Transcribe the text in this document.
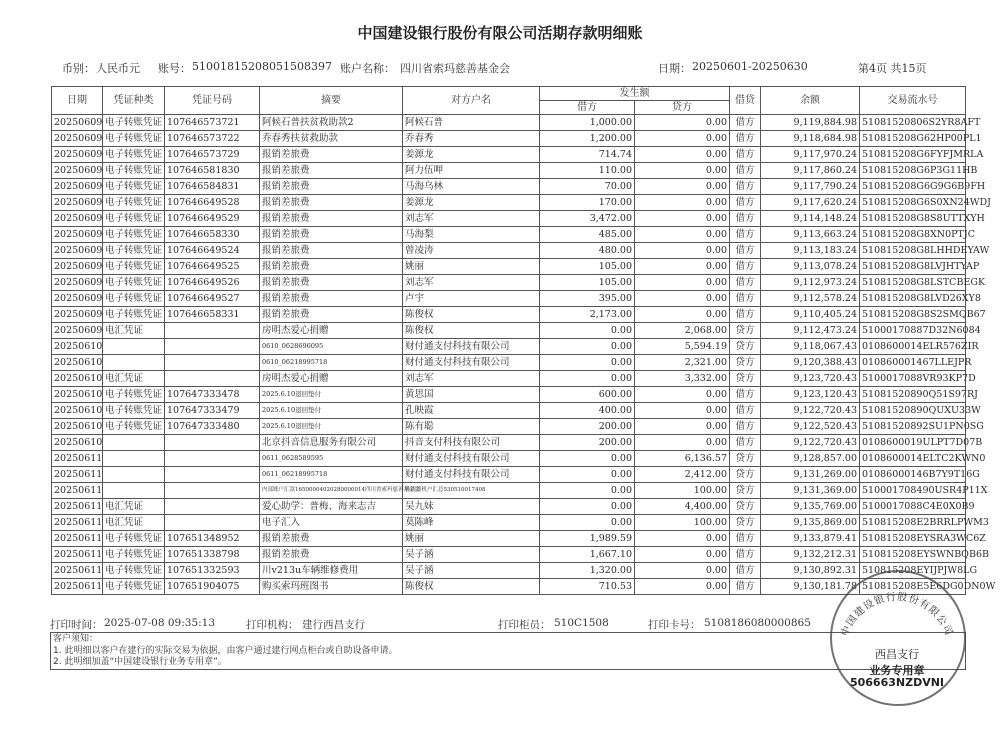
中国建设银行股份有限公司活期存款明细账
币别： 人民币元 账号： 51001815208051508397 账户名称： 四川省索玛慈善基金会	日期： 20250601-20250630	第4页 共15页
日期	凭证种类	凭证号码	摘要	对方户名	发生额		借贷	余额	交易流水号
					借方	贷方			
20250609	电子转账凭证	107646573721	阿候石普扶贫救助款2	阿候石普	1,000.00	0.00	借方	9,119,884.98	51081520806S2YR8AFT
20250609	电子转账凭证	107646573722	乔春秀扶贫救助款	乔春秀	1,200.00	0.00	借方	9,118,684.98	510815208G62HP00PL1
20250609	电子转账凭证	107646573729	报销差旅费	姜源龙	714.74	0.00	借方	9,117,970.24	510815208G6FYFJMRLA
20250609	电子转账凭证	107646581830	报销差旅费	阿力伍呷	110.00	0.00	借方	9,117,860.24	510815208G6P3G11HB
20250609	电子转账凭证	107646584831	报销差旅费	马海乌林	70.00	0.00	借方	9,117,790.24	510815208G6G9G6B9FH
20250609	电子转账凭证	107646649528	报销差旅费	姜源龙	170.00	0.00	借方	9,117,620.24	510815208G6S0XN24WDJ
20250609	电子转账凭证	107646649529	报销差旅费	刘志军	3,472.00	0.00	借方	9,114,148.24	510815208G8S8UTTXYH
20250609	电子转账凭证	107646658330	报销差旅费	马海梨	485.00	0.00	借方	9,113,663.24	510815208G8XN0PTJC
20250609	电子转账凭证	107646649524	报销差旅费	曾凌涛	480.00	0.00	借方	9,113,183.24	510815208G8LHHDEYAW
20250609	电子转账凭证	107646649525	报销差旅费	姚丽	105.00	0.00	借方	9,113,078.24	510815208G8LVJHTYAP
20250609	电子转账凭证	107646649526	报销差旅费	刘志军	105.00	0.00	借方	9,112,973.24	510815208G8LSTCBEGK
20250609	电子转账凭证	107646649527	报销差旅费	卢宇	395.00	0.00	借方	9,112,578.24	510815208G8LVD26XY8
20250609	电子转账凭证	107646658331	报销差旅费	陈俊权	2,173.00	0.00	借方	9,110,405.24	510815208G8S2SMQB67
20250609	电汇凭证		房明杰爱心捐赠	陈俊权	0.00	2,068.00	贷方	9,112,473.24	51000170887D32N6084
20250610			0610_0628696095	财付通支付科技有限公司	0.00	5,594.19	贷方	9,118,067.43	0108600014ELR576ZIR
20250610			0610_06218995718	财付通支付科技有限公司	0.00	2,321.00	贷方	9,120,388.43	010860001467LLEJPR
20250610	电汇凭证		房明杰爱心捐赠	刘志军	0.00	3,332.00	贷方	9,123,720.43	5100017088VR93KP7D
20250610	电子转账凭证	107647333478	2025.6.10退回垫付	黄思国	600.00	0.00	借方	9,123,120.43	51081520890Q51S97RJ
20250610	电子转账凭证	107647333479	2025.6.10退回垫付	孔映霞	400.00	0.00	借方	9,122,720.43	51081520890QUXU33W
20250610	电子转账凭证	107647333480	2025.6.10退回垫付	陈有聪	200.00	0.00	借方	9,122,520.43	51081520892SU1PN0SG
20250610			北京抖音信息服务有限公司	抖音支付科技有限公司	200.00	0.00	借方	9,122,720.43	0108600019ULPT7D07B
20250611			0611_0628589595	财付通支付科技有限公司	0.00	6,136.57	贷方	9,128,857.00	0108600014ELTC2KWN0
20250611			0611_06218995718	财付通支付科技有限公司	0.00	2,412.00	贷方	9,131,269.00	01086000146B7Y9T16G
20250611			内部账户汇款16500004020280000014四川省索玛慈善基金会	转清算机户汇总530510017408	0.00	100.00	贷方	9,131,369.00	510001708490USR4P11X
20250611	电汇凭证		爱心助学：普梅、海来志吉	吴九妹	0.00	4,400.00	贷方	9,135,769.00	5100017088C4E0X0B9
20250611	电汇凭证		电子汇入	莫陈峰	0.00	100.00	贷方	9,135,869.00	510815208E2BRRLPWM3
20250611	电子转账凭证	107651348952	报销差旅费	姚丽	1,989.59	0.00	借方	9,133,879.41	510815208EYSRA3WC6Z
20250611	电子转账凭证	107651338798	报销差旅费	吴子涵	1,667.10	0.00	借方	9,132,212.31	510815208EYSWNBQB6B
20250611	电子转账凭证	107651332593	川v213u车辆维修费用	吴子涵	1,320.00	0.00	借方	9,130,892.31	510815208EYIJPJW8LG
20250611	电子转账凭证	107651904075	购买索玛班图书	陈俊权	710.53	0.00	借方	9,130,181.78	510815208E5E6DG0DN0W
打印时间： 2025-07-08 09:35:13	打印机构： 建行西昌支行	打印柜员： 510C1508	打印卡号： 5108186080000865
客户须知：
1. 此明细以客户在建行的实际交易为依据，由客户通过建行网点柜台或自助设备申请。
2. 此明细加盖“中国建设银行业务专用章”。
中国建设银行股份有限公司
西昌支行
业务专用章
506663NZDVNI
